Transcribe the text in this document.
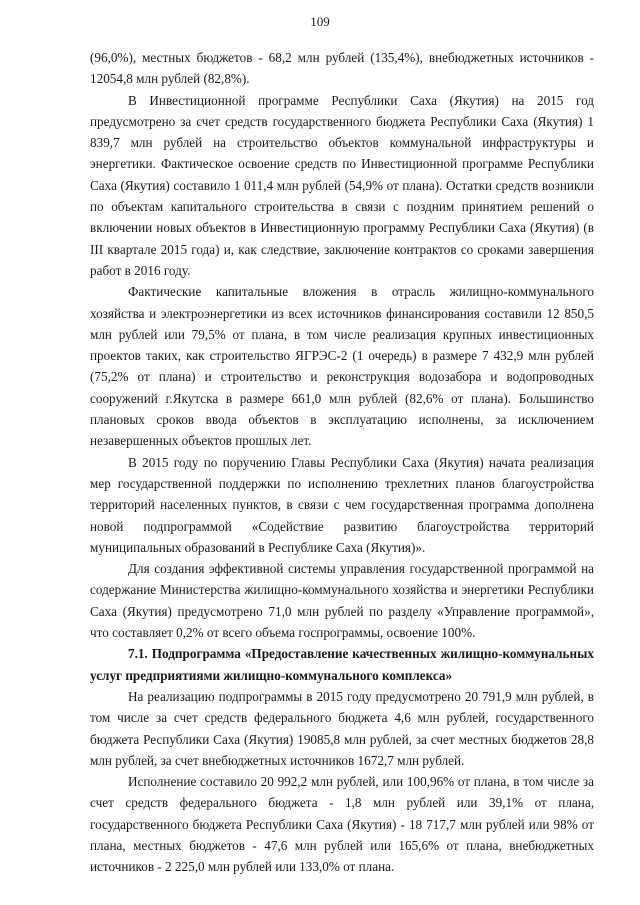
109

(96,0%), местных бюджетов - 68,2 млн рублей (135,4%), внебюджетных источников - 12054,8 млн рублей (82,8%).

В Инвестиционной программе Республики Саха (Якутия) на 2015 год предусмотрено за счет средств государственного бюджета Республики Саха (Якутия) 1 839,7 млн рублей на строительство объектов коммунальной инфраструктуры и энергетики. Фактическое освоение средств по Инвестиционной программе Республики Саха (Якутия) составило 1 011,4 млн рублей (54,9% от плана). Остатки средств возникли по объектам капитального строительства в связи с поздним принятием решений о включении новых объектов в Инвестиционную программу Республики Саха (Якутия) (в III квартале 2015 года) и, как следствие, заключение контрактов со сроками завершения работ в 2016 году.

Фактические капитальные вложения в отрасль жилищно-коммунального хозяйства и электроэнергетики из всех источников финансирования составили 12 850,5 млн рублей или 79,5% от плана, в том числе реализация крупных инвестиционных проектов таких, как строительство ЯГРЭС-2 (1 очередь) в размере 7 432,9 млн рублей (75,2% от плана) и строительство и реконструкция водозабора и водопроводных сооружений г.Якутска в размере 661,0 млн рублей (82,6% от плана). Большинство плановых сроков ввода объектов в эксплуатацию исполнены, за исключением незавершенных объектов прошлых лет.

В 2015 году по поручению Главы Республики Саха (Якутия) начата реализация мер государственной поддержки по исполнению трехлетних планов благоустройства территорий населенных пунктов, в связи с чем государственная программа дополнена новой подпрограммой «Содействие развитию благоустройства территорий муниципальных образований в Республике Саха (Якутия)».

Для создания эффективной системы управления государственной программой на содержание Министерства жилищно-коммунального хозяйства и энергетики Республики Саха (Якутия) предусмотрено 71,0 млн рублей по разделу «Управление программой», что составляет 0,2% от всего объема госпрограммы, освоение 100%.

7.1. Подпрограмма «Предоставление качественных жилищно-коммунальных услуг предприятиями жилищно-коммунального комплекса»

На реализацию подпрограммы в 2015 году предусмотрено 20 791,9 млн рублей, в том числе за счет средств федерального бюджета 4,6 млн рублей, государственного бюджета Республики Саха (Якутия) 19085,8 млн рублей, за счет местных бюджетов 28,8 млн рублей, за счет внебюджетных источников 1672,7 млн рублей.

Исполнение составило 20 992,2 млн рублей, или 100,96% от плана, в том числе за счет средств федерального бюджета - 1,8 млн рублей или 39,1% от плана, государственного бюджета Республики Саха (Якутия) - 18 717,7 млн рублей или 98% от плана, местных бюджетов - 47,6 млн рублей или 165,6% от плана, внебюджетных источников - 2 225,0 млн рублей или 133,0% от плана.
